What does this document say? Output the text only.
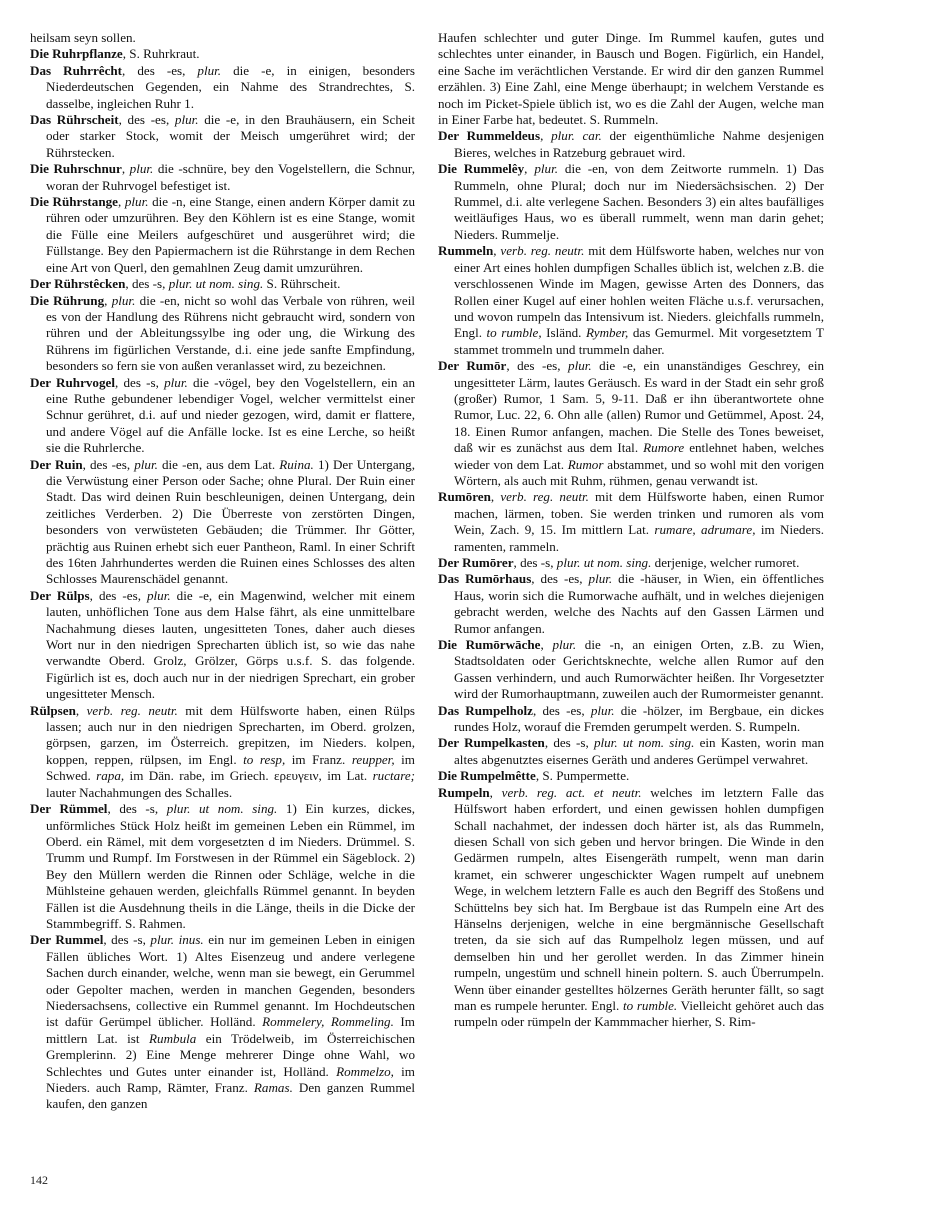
heilsam seyn sollen.

Die Ruhrpflanze, S. Ruhrkraut.

Das Ruhrrêcht, des -es, plur. die -e, in einigen, besonders Niederdeutschen Gegenden, ein Nahme des Strandrechtes, S. dasselbe, ingleichen Ruhr 1.

Das Rührscheit, des -es, plur. die -e, in den Brauhäusern, ein Scheit oder starker Stock, womit der Meisch umgerühret wird; der Rührstecken.

Die Ruhrschnur, plur. die -schnüre, bey den Vogelstellern, die Schnur, woran der Ruhrvogel befestiget ist.

Die Rührstange, plur. die -n, eine Stange, einen andern Körper damit zu rühren oder umzurühren. Bey den Köhlern ist es eine Stange, womit die Fülle eine Meilers aufgeschüret und ausgerühret wird; die Füllstange. Bey den Papiermachern ist die Rührstange in dem Rechen eine Art von Querl, den gemahlnen Zeug damit umzurühren.

Der Rührstêcken, des -s, plur. ut nom. sing. S. Rührscheit.

Die Rührung, plur. die -en, nicht so wohl das Verbale von rühren, weil es von der Handlung des Rührens nicht gebraucht wird, sondern von rühren und der Ableitungssylbe ing oder ung, die Wirkung des Rührens im figürlichen Verstande, d.i. eine jede sanfte Empfindung, besonders so fern sie von außen veranlasset wird, zu bezeichnen.

Der Ruhrvogel, des -s, plur. die -vögel, bey den Vogelstellern, ein an eine Ruthe gebundener lebendiger Vogel, welcher vermittelst einer Schnur gerühret, d.i. auf und nieder gezogen, wird, damit er flattere, und andere Vögel auf die Anfälle locke. Ist es eine Lerche, so heißt sie die Ruhrlerche.

Der Ruin, des -es, plur. die -en, aus dem Lat. Ruina. 1) Der Untergang, die Verwüstung einer Person oder Sache; ohne Plural. Der Ruin einer Stadt. Das wird deinen Ruin beschleunigen, deinen Untergang, dein zeitliches Verderben. 2) Die Überreste von zerstörten Dingen, besonders von verwüsteten Gebäuden; die Trümmer. Ihr Götter, prächtig aus Ruinen erhebt sich euer Pantheon, Raml. In einer Schrift des 16ten Jahrhundertes werden die Ruinen eines Schlosses des alten Schlosses Maurenschädel genannt.

Der Rülps, des -es, plur. die -e, ein Magenwind, welcher mit einem lauten, unhöflichen Tone aus dem Halse fährt, als eine unmittelbare Nachahmung dieses lauten, ungesitteten Tones, daher auch dieses Wort nur in den niedrigen Sprecharten üblich ist, so wie das nahe verwandte Oberd. Grolz, Grölzer, Görps u.s.f. S. das folgende. Figürlich ist es, doch auch nur in der niedrigen Sprechart, ein grober ungesitteter Mensch.

Rülpsen, verb. reg. neutr. mit dem Hülfsworte haben, einen Rülps lassen; auch nur in den niedrigen Sprecharten, im Oberd. grolzen, görpsen, garzen, im Österreich. grepitzen, im Nieders. kolpen, koppen, reppen, rülpsen, im Engl. to resp, im Franz. reupper, im Schwed. rapa, im Dän. rabe, im Griech. ερευγειν, im Lat. ructare; lauter Nachahmungen des Schalles.

Der Rümmel, des -s, plur. ut nom. sing. 1) Ein kurzes, dickes, unförmliches Stück Holz heißt im gemeinen Leben ein Rümmel, im Oberd. ein Rämel, mit dem vorgesetzten d im Nieders. Drümmel. S. Trumm und Rumpf. Im Forstwesen in der Rümmel ein Sägeblock. 2) Bey den Müllern werden die Rinnen oder Schläge, welche in die Mühlsteine gehauen werden, gleichfalls Rümmel genannt. In beyden Fällen ist die Ausdehnung theils in die Länge, theils in die Dicke der Stammbegriff. S. Rahmen.

Der Rummel, des -s, plur. inus. ein nur im gemeinen Leben in einigen Fällen übliches Wort. 1) Altes Eisenzeug und andere verlegene Sachen durch einander, welche, wenn man sie bewegt, ein Gerummel oder Gepolter machen, werden in manchen Gegenden, besonders Niedersachsens, collective ein Rummel genannt. Im Hochdeutschen ist dafür Gerümpel üblicher. Holländ. Rommelery, Rommeling. Im mittlern Lat. ist Rumbula ein Trödelweib, im Österreichischen Gremplerinn. 2) Eine Menge mehrerer Dinge ohne Wahl, wo Schlechtes und Gutes unter einander ist, Holländ. Rommelzo, im Nieders. auch Ramp, Rämter, Franz. Ramas. Den ganzen Rummel kaufen, den ganzen

Haufen schlechter und guter Dinge. Im Rummel kaufen, gutes und schlechtes unter einander, in Bausch und Bogen. Figürlich, ein Handel, eine Sache im verächtlichen Verstande. Er wird dir den ganzen Rummel erzählen. 3) Eine Zahl, eine Menge überhaupt; in welchem Verstande es noch im Picket-Spiele üblich ist, wo es die Zahl der Augen, welche man in Einer Farbe hat, bedeutet. S. Rummeln.

Der Rummeldeus, plur. car. der eigenthümliche Nahme desjenigen Bieres, welches in Ratzeburg gebrauet wird.

Die Rummelêy, plur. die -en, von dem Zeitworte rummeln. 1) Das Rummeln, ohne Plural; doch nur im Niedersächsischen. 2) Der Rummel, d.i. alte verlegene Sachen. Besonders 3) ein altes baufälliges weitläufiges Haus, wo es überall rummelt, wenn man darin gehet; Nieders. Rummelje.

Rummeln, verb. reg. neutr. mit dem Hülfsworte haben, welches nur von einer Art eines hohlen dumpfigen Schalles üblich ist, welchen z.B. die verschlossenen Winde im Magen, gewisse Arten des Donners, das Rollen einer Kugel auf einer hohlen weiten Fläche u.s.f. verursachen, und wovon rumpeln das Intensivum ist. Nieders. gleichfalls rummeln, Engl. to rumble, Isländ. Rymber, das Gemurmel. Mit vorgesetztem T stammet trommeln und trummeln daher.

Der Rumōr, des -es, plur. die -e, ein unanständiges Geschrey, ein ungesitteter Lärm, lautes Geräusch. Es ward in der Stadt ein sehr groß (großer) Rumor, 1 Sam. 5, 9-11. Daß er ihn überantwortete ohne Rumor, Luc. 22, 6. Ohn alle (allen) Rumor und Getümmel, Apost. 24, 18. Einen Rumor anfangen, machen. Die Stelle des Tones beweiset, daß wir es zunächst aus dem Ital. Rumore entlehnet haben, welches wieder von dem Lat. Rumor abstammet, und so wohl mit den vorigen Wörtern, als auch mit Ruhm, rühmen, genau verwandt ist.

Rumōren, verb. reg. neutr. mit dem Hülfsworte haben, einen Rumor machen, lärmen, toben. Sie werden trinken und rumoren als vom Wein, Zach. 9, 15. Im mittlern Lat. rumare, adrumare, im Nieders. ramenten, rammeln.

Der Rumōrer, des -s, plur. ut nom. sing. derjenige, welcher rumoret.

Das Rumōrhaus, des -es, plur. die -häuser, in Wien, ein öffentliches Haus, worin sich die Rumorwache aufhält, und in welches diejenigen gebracht werden, welche des Nachts auf den Gassen Lärmen und Rumor anfangen.

Die Rumōrwāche, plur. die -n, an einigen Orten, z.B. zu Wien, Stadtsoldaten oder Gerichtsknechte, welche allen Rumor auf den Gassen verhindern, und auch Rumorwächter heißen. Ihr Vorgesetzter wird der Rumorhauptmann, zuweilen auch der Rumormeister genannt.

Das Rumpelholz, des -es, plur. die -hölzer, im Bergbaue, ein dickes rundes Holz, worauf die Fremden gerumpelt werden. S. Rumpeln.

Der Rumpelkasten, des -s, plur. ut nom. sing. ein Kasten, worin man altes abgenutztes eisernes Geräth und anderes Gerümpel verwahret.

Die Rumpelmêtte, S. Pumpermette.

Rumpeln, verb. reg. act. et neutr. welches im letztern Falle das Hülfswort haben erfordert, und einen gewissen hohlen dumpfigen Schall nachahmet, der indessen doch härter ist, als das Rummeln, diesen Schall von sich geben und hervor bringen. Die Winde in den Gedärmen rumpeln, altes Eisengeräth rumpelt, wenn man darin kramet, ein schwerer ungeschickter Wagen rumpelt auf unebnem Wege, in welchem letztern Falle es auch den Begriff des Stoßens und Schüttelns bey sich hat. Im Bergbaue ist das Rumpeln eine Art des Hänselns derjenigen, welche in eine bergmännische Gesellschaft treten, da sie sich auf das Rumpelholz legen müssen, und auf demselben hin und her gerollet werden. In das Zimmer hinein rumpeln, ungestüm und schnell hinein poltern. S. auch Überrumpeln. Wenn über einander gestelltes hölzernes Geräth herunter fällt, so sagt man es rumpele herunter. Engl. to rumble. Vielleicht gehöret auch das rumpeln oder rümpeln der Kammmacher hierher, S. Rim-

142
